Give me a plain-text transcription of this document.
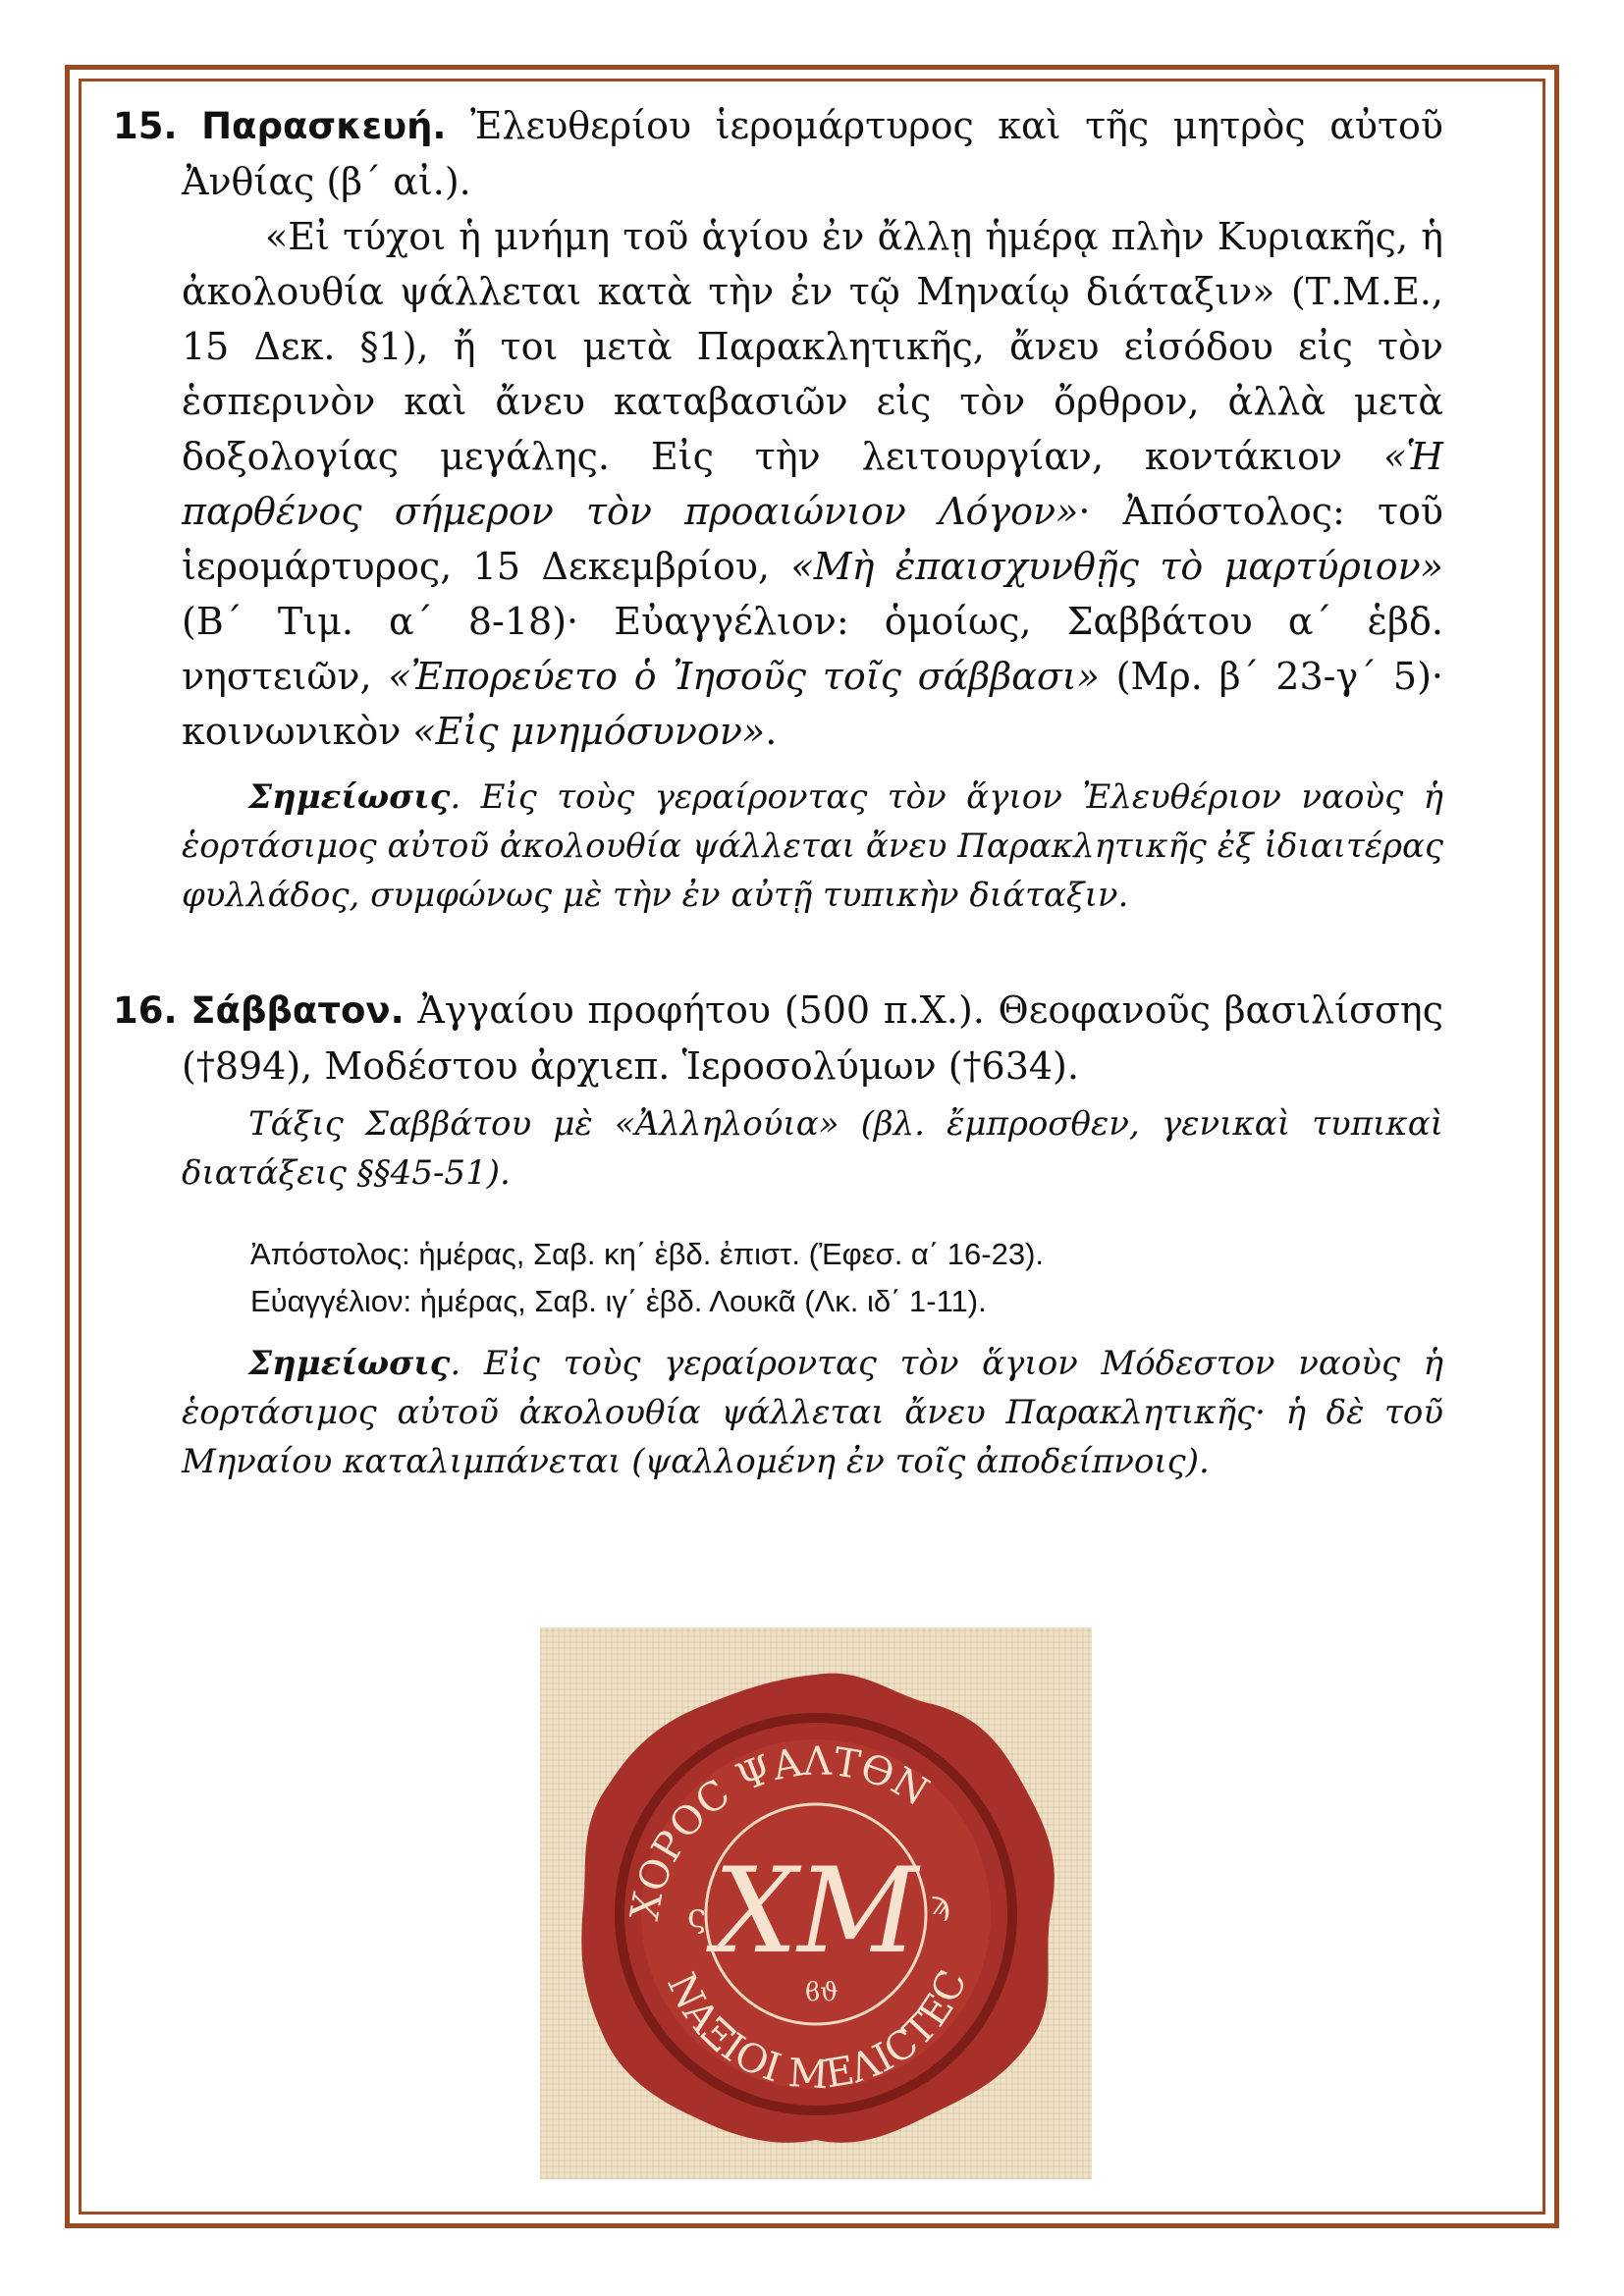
15. Παρασκευή. Ἐλευθερίου ἱερομάρτυρος καὶ τῆς μητρὸς αὐτοῦ Ἀνθίας (β΄ αἰ.).

«Εἰ τύχοι ἡ μνήμη τοῦ ἁγίου ἐν ἄλλῃ ἡμέρᾳ πλὴν Κυριακῆς, ἡ ἀκολουθία ψάλλεται κατὰ τὴν ἐν τῷ Μηναίῳ διάταξιν» (Τ.Μ.Ε., 15 Δεκ. §1), ἤ τοι μετὰ Παρακλητικῆς, ἄνευ εἰσόδου εἰς τὸν ἑσπερινὸν καὶ ἄνευ καταβασιῶν εἰς τὸν ὄρθρον, ἀλλὰ μετὰ δοξολογίας μεγάλης. Εἰς τὴν λειτουργίαν, κοντάκιον «Ἡ παρθένος σήμερον τὸν προαιώνιον Λόγον»· Ἀπόστολος: τοῦ ἱερομάρτυρος, 15 Δεκεμβρίου, «Μὴ ἐπαισχυνθῇς τὸ μαρτύριον» (Β΄ Τιμ. α΄ 8-18)· Εὐαγγέλιον: ὁμοίως, Σαββάτου α΄ ἑβδ. νηστειῶν, «Ἐπορεύετο ὁ Ἰησοῦς τοῖς σάββασι» (Μρ. β΄ 23-γ΄ 5)· κοινωνικὸν «Εἰς μνημόσυνον».

Σημείωσις. Εἰς τοὺς γεραίροντας τὸν ἅγιον Ἐλευθέριον ναοὺς ἡ ἑορτάσιμος αὐτοῦ ἀκολουθία ψάλλεται ἄνευ Παρακλητικῆς ἐξ ἰδιαιτέρας φυλλάδος, συμφώνως μὲ τὴν ἐν αὐτῇ τυπικὴν διάταξιν.

16. Σάββατον. Ἀγγαίου προφήτου (500 π.Χ.). Θεοφανοῦς βασιλίσσης (†894), Μοδέστου ἀρχιεπ. Ἱεροσολύμων (†634).

Τάξις Σαββάτου μὲ «Ἀλληλούια» (βλ. ἔμπροσθεν, γενικαὶ τυπικαὶ διατάξεις §§45-51).

Ἀπόστολος: ἡμέρας, Σαβ. κη΄ ἑβδ. ἐπιστ. (Ἐφεσ. α΄ 16-23).
Εὐαγγέλιον: ἡμέρας, Σαβ. ιγ΄ ἑβδ. Λουκᾶ (Λκ. ιδ΄ 1-11).

Σημείωσις. Εἰς τοὺς γεραίροντας τὸν ἅγιον Μόδεστον ναοὺς ἡ ἑορτάσιμος αὐτοῦ ἀκολουθία ψάλλεται ἄνευ Παρακλητικῆς· ἡ δὲ τοῦ Μηναίου καταλιμπάνεται (ψαλλομένη ἐν τοῖς ἀποδείπνοις).

ΧΟΡΟC ΨΑΛΤϴΝ
ΝΑΞΙΟΙ ΜΕΛΙCΤΕC
ΧΜ
ς	ϡ
ϐϑ
